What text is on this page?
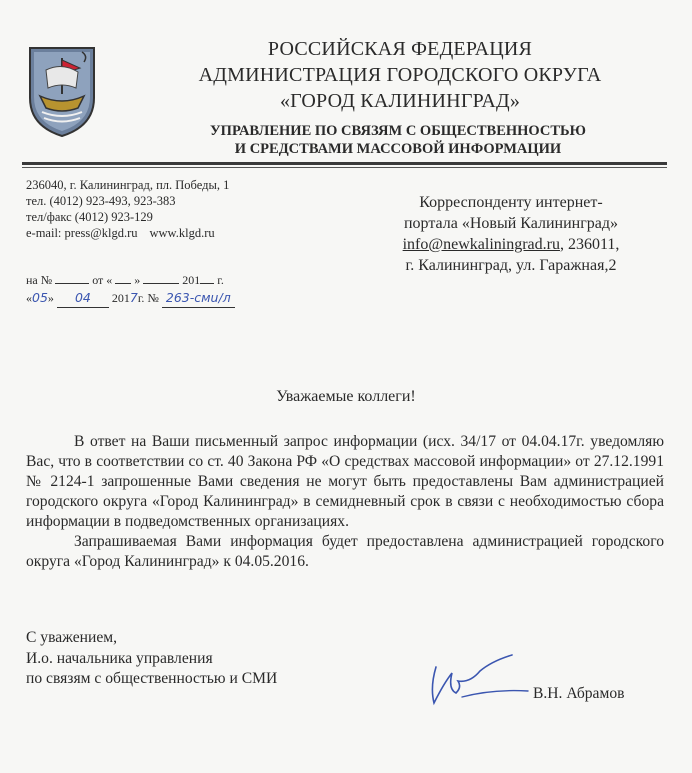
РОССИЙСКАЯ ФЕДЕРАЦИЯ
АДМИНИСТРАЦИЯ ГОРОДСКОГО ОКРУГА
«ГОРОД КАЛИНИНГРАД»
УПРАВЛЕНИЕ ПО СВЯЗЯМ С ОБЩЕСТВЕННОСТЬЮ
И СРЕДСТВАМИ МАССОВОЙ ИНФОРМАЦИИ
236040, г. Калининград, пл. Победы, 1
тел. (4012) 923-493, 923-383
тел/факс (4012) 923-129
e-mail: press@klgd.ru www.klgd.ru
Корреспонденту интернет-
портала «Новый Калининград»
info@newkaliningrad.ru, 236011,
г. Калининград, ул. Гаражная,2
на №	от « »	201 г.
«05» 04 2017г. № 263-смu/л
Уважаемые коллеги!

В ответ на Ваши письменный запрос информации (исх. 34/17 от 04.04.17г. уведомляю Вас, что в соответствии со ст. 40 Закона РФ «О средствах массовой информации» от 27.12.1991 № 2124-1 запрошенные Вами сведения не могут быть предоставлены Вам администрацией городского округа «Город Калининград» в семидневный срок в связи с необходимостью сбора информации в подведомственных организациях.

Запрашиваемая Вами информация будет предоставлена администрацией городского округа «Город Калининград» к 04.05.2016.

С уважением,
И.о. начальника управления
по связям с общественностью и СМИ
В.Н. Абрамов
